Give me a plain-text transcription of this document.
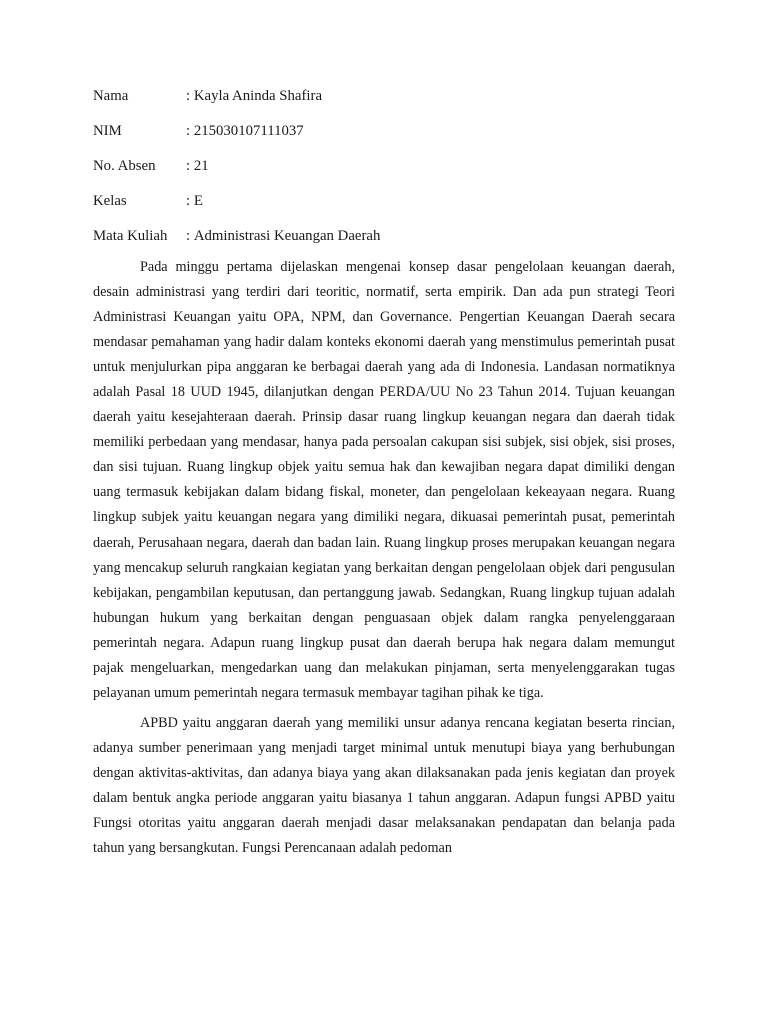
Nama	: Kayla Aninda Shafira
NIM	: 215030107111037
No. Absen	: 21
Kelas	: E
Mata Kuliah	: Administrasi Keuangan Daerah

Pada minggu pertama dijelaskan mengenai konsep dasar pengelolaan keuangan daerah, desain administrasi yang terdiri dari teoritic, normatif, serta empirik. Dan ada pun strategi Teori Administrasi Keuangan yaitu OPA, NPM, dan Governance. Pengertian Keuangan Daerah secara mendasar pemahaman yang hadir dalam konteks ekonomi daerah yang menstimulus pemerintah pusat untuk menjulurkan pipa anggaran ke berbagai daerah yang ada di Indonesia. Landasan normatiknya adalah Pasal 18 UUD 1945, dilanjutkan dengan PERDA/UU No 23 Tahun 2014. Tujuan keuangan daerah yaitu kesejahteraan daerah. Prinsip dasar ruang lingkup keuangan negara dan daerah tidak memiliki perbedaan yang mendasar, hanya pada persoalan cakupan sisi subjek, sisi objek, sisi proses, dan sisi tujuan. Ruang lingkup objek yaitu semua hak dan kewajiban negara dapat dimiliki dengan uang termasuk kebijakan dalam bidang fiskal, moneter, dan pengelolaan kekeayaan negara. Ruang lingkup subjek yaitu keuangan negara yang dimiliki negara, dikuasai pemerintah pusat, pemerintah daerah, Perusahaan negara, daerah dan badan lain. Ruang lingkup proses merupakan keuangan negara yang mencakup seluruh rangkaian kegiatan yang berkaitan dengan pengelolaan objek dari pengusulan kebijakan, pengambilan keputusan, dan pertanggung jawab. Sedangkan, Ruang lingkup tujuan adalah hubungan hukum yang berkaitan dengan penguasaan objek dalam rangka penyelenggaraan pemerintah negara. Adapun ruang lingkup pusat dan daerah berupa hak negara dalam memungut pajak mengeluarkan, mengedarkan uang dan melakukan pinjaman, serta menyelenggarakan tugas pelayanan umum pemerintah negara termasuk membayar tagihan pihak ke tiga.

APBD yaitu anggaran daerah yang memiliki unsur adanya rencana kegiatan beserta rincian, adanya sumber penerimaan yang menjadi target minimal untuk menutupi biaya yang berhubungan dengan aktivitas-aktivitas, dan adanya biaya yang akan dilaksanakan pada jenis kegiatan dan proyek dalam bentuk angka periode anggaran yaitu biasanya 1 tahun anggaran. Adapun fungsi APBD yaitu Fungsi otoritas yaitu anggaran daerah menjadi dasar melaksanakan pendapatan dan belanja pada tahun yang bersangkutan. Fungsi Perencanaan adalah pedoman
